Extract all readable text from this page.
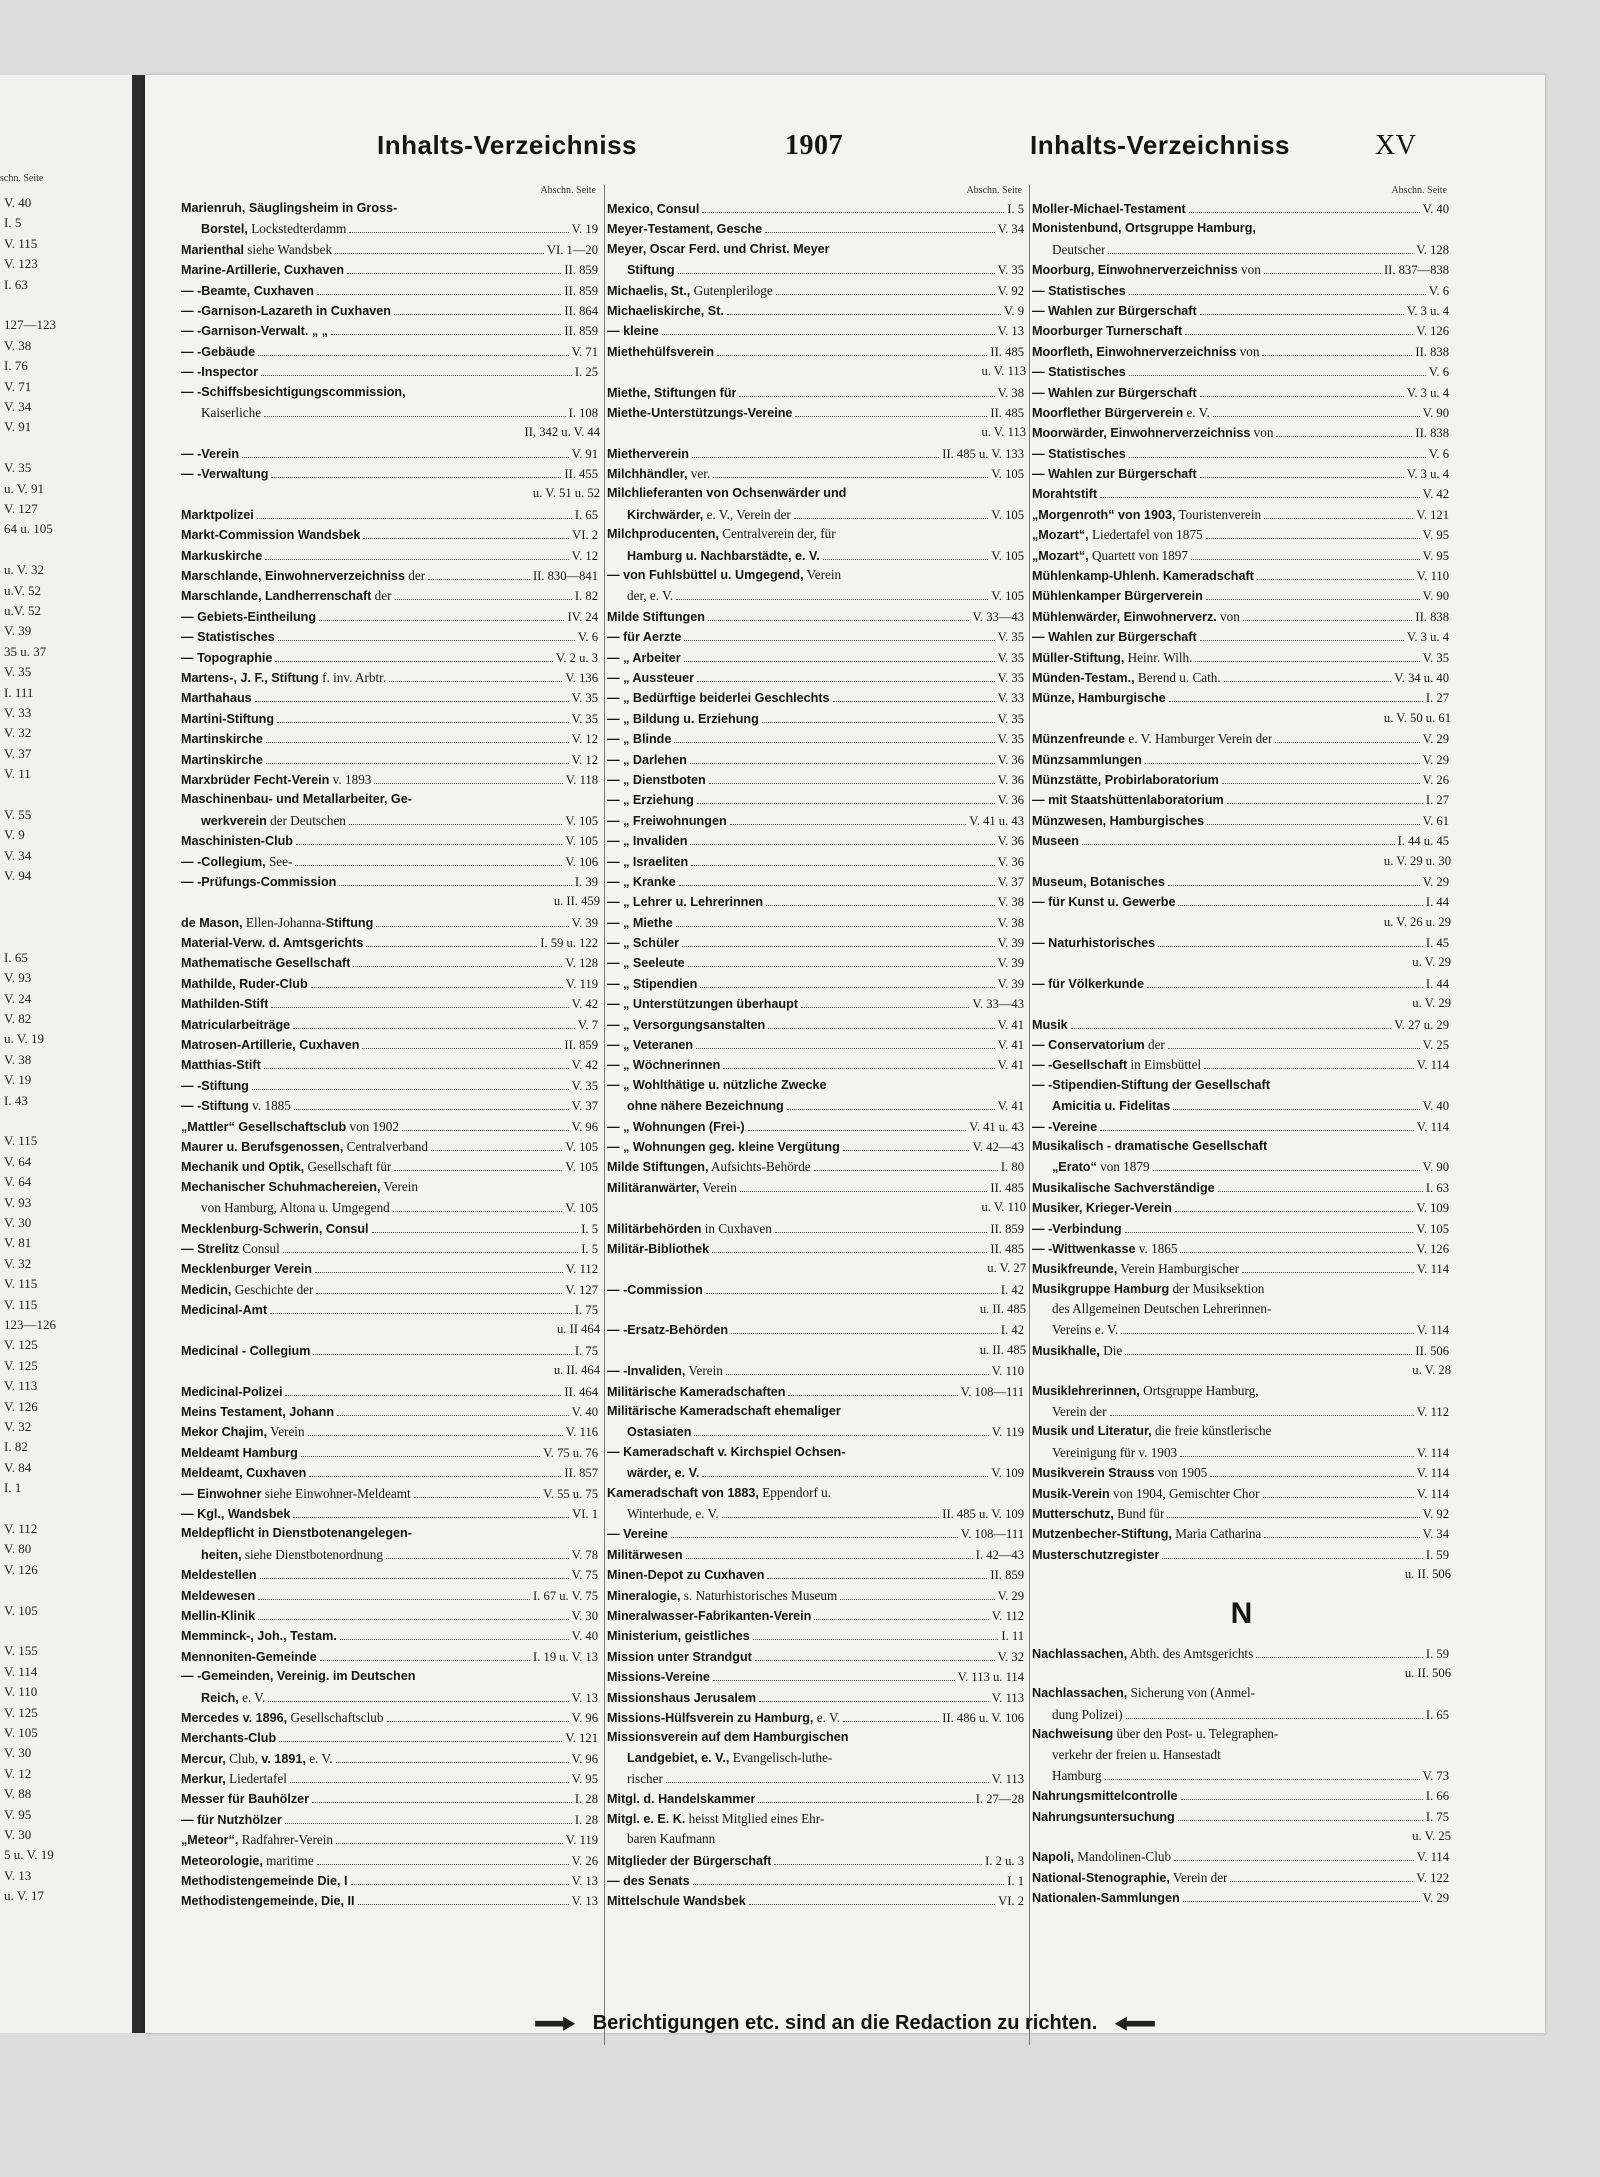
schn. Seite
V. 40
I. 5
V. 115
V. 123
I. 63
127—123
V. 38
I. 76
V. 71
V. 34
V. 91
V. 35
u. V. 91
V. 127
64 u. 105
u. V. 32
u.V. 52
u.V. 52
V. 39
35 u. 37
V. 35
I. 111
V. 33
V. 32
V. 37
V. 11
V. 55
V. 9
V. 34
V. 94
I. 65
V. 93
V. 24
V. 82
u. V. 19
V. 38
V. 19
I. 43
V. 115
V. 64
V. 64
V. 93
V. 30
V. 81
V. 32
V. 115
V. 115
123—126
V. 125
V. 125
V. 113
V. 126
V. 32
I. 82
V. 84
I. 1
V. 112
V. 80
V. 126
V. 105
V. 155
V. 114
V. 110
V. 125
V. 105
V. 30
V. 12
V. 88
V. 95
V. 30
5 u. V. 19
V. 13
u. V. 17
Inhalts-Verzeichniss	1907	Inhalts-Verzeichniss	XV
Abschn. Seite
Marienruh, Säuglingsheim in Gross-
Borstel, Lockstedterdamm	V. 19
Marienthal siehe Wandsbek	VI. 1—20
Marine-Artillerie, Cuxhaven	II. 859
— -Beamte, Cuxhaven	II. 859
— -Garnison-Lazareth in Cuxhaven	II. 864
— -Garnison-Verwalt. „ „	II. 859
— -Gebäude	V. 71
— -Inspector	I. 25
— -Schiffsbesichtigungscommission,
Kaiserliche	I. 108
II, 342 u. V. 44
— -Verein	V. 91
— -Verwaltung	II. 455
u. V. 51 u. 52
Marktpolizei	I. 65
Markt-Commission Wandsbek	VI. 2
Markuskirche	V. 12
Marschlande, Einwohnerverzeichniss der	II. 830—841
Marschlande, Landherrenschaft der	I. 82
— Gebiets-Eintheilung	IV. 24
— Statistisches	V. 6
— Topographie	V. 2 u. 3
Martens-, J. F., Stiftung f. inv. Arbtr.	V. 136
Marthahaus	V. 35
Martini-Stiftung	V. 35
Martinskirche	V. 12
Martinskirche	V. 12
Marxbrüder Fecht-Verein v. 1893	V. 118
Maschinenbau- und Metallarbeiter, Ge-
werkverein der Deutschen	V. 105
Maschinisten-Club	V. 105
— -Collegium, See-	V. 106
— -Prüfungs-Commission	I. 39
u. II. 459
de Mason, Ellen-Johanna-Stiftung	V. 39
Material-Verw. d. Amtsgerichts	I. 59 u. 122
Mathematische Gesellschaft	V. 128
Mathilde, Ruder-Club	V. 119
Mathilden-Stift	V. 42
Matricularbeiträge	V. 7
Matrosen-Artillerie, Cuxhaven	II. 859
Matthias-Stift	V. 42
— -Stiftung	V. 35
— -Stiftung v. 1885	V. 37
„Mattler“ Gesellschaftsclub von 1902	V. 96
Maurer u. Berufsgenossen, Centralverband	V. 105
Mechanik und Optik, Gesellschaft für	V. 105
Mechanischer Schuhmachereien, Verein
von Hamburg, Altona u. Umgegend	V. 105
Mecklenburg-Schwerin, Consul	I. 5
— Strelitz Consul	I. 5
Mecklenburger Verein	V. 112
Medicin, Geschichte der	V. 127
Medicinal-Amt	I. 75
u. II 464
Medicinal - Collegium	I. 75
u. II. 464
Medicinal-Polizei	II. 464
Meins Testament, Johann	V. 40
Mekor Chajim, Verein	V. 116
Meldeamt Hamburg	V. 75 u. 76
Meldeamt, Cuxhaven	II. 857
— Einwohner siehe Einwohner-Meldeamt	V. 55 u. 75
— Kgl., Wandsbek	VI. 1
Meldepflicht in Dienstbotenangelegen-
heiten, siehe Dienstbotenordnung	V. 78
Meldestellen	V. 75
Meldewesen	I. 67 u. V. 75
Mellin-Klinik	V. 30
Memminck-, Joh., Testam.	V. 40
Mennoniten-Gemeinde	I. 19 u. V. 13
— -Gemeinden, Vereinig. im Deutschen
Reich, e. V.	V. 13
Mercedes v. 1896, Gesellschaftsclub	V. 96
Merchants-Club	V. 121
Mercur, Club, v. 1891, e. V.	V. 96
Merkur, Liedertafel	V. 95
Messer für Bauhölzer	I. 28
— für Nutzhölzer	I. 28
„Meteor“, Radfahrer-Verein	V. 119
Meteorologie, maritime	V. 26
Methodistengemeinde Die, I	V. 13
Methodistengemeinde, Die, II	V. 13
Abschn. Seite
Mexico, Consul	I. 5
Meyer-Testament, Gesche	V. 34
Meyer, Oscar Ferd. und Christ. Meyer
Stiftung	V. 35
Michaelis, St., Gutenpleriloge	V. 92
Michaeliskirche, St.	V. 9
— kleine	V. 13
Miethehülfsverein	II. 485
u. V. 113
Miethe, Stiftungen für	V. 38
Miethe-Unterstützungs-Vereine	II. 485
u. V. 113
Mietherverein	II. 485 u. V. 133
Milchhändler, ver.	V. 105
Milchlieferanten von Ochsenwärder und
Kirchwärder, e. V., Verein der	V. 105
Milchproducenten, Centralverein der, für
Hamburg u. Nachbarstädte, e. V.	V. 105
— von Fuhlsbüttel u. Umgegend, Verein
der, e. V.	V. 105
Milde Stiftungen	V. 33—43
— für Aerzte	V. 35
— „ Arbeiter	V. 35
— „ Aussteuer	V. 35
— „ Bedürftige beiderlei Geschlechts	V. 33
— „ Bildung u. Erziehung	V. 35
— „ Blinde	V. 35
— „ Darlehen	V. 36
— „ Dienstboten	V. 36
— „ Erziehung	V. 36
— „ Freiwohnungen	V. 41 u. 43
— „ Invaliden	V. 36
— „ Israeliten	V. 36
— „ Kranke	V. 37
— „ Lehrer u. Lehrerinnen	V. 38
— „ Miethe	V. 38
— „ Schüler	V. 39
— „ Seeleute	V. 39
— „ Stipendien	V. 39
— „ Unterstützungen überhaupt	V. 33—43
— „ Versorgungsanstalten	V. 41
— „ Veteranen	V. 41
— „ Wöchnerinnen	V. 41
— „ Wohlthätige u. nützliche Zwecke
ohne nähere Bezeichnung	V. 41
— „ Wohnungen (Frei-)	V. 41 u. 43
— „ Wohnungen geg. kleine Vergütung	V. 42—43
Milde Stiftungen, Aufsichts-Behörde	I. 80
Militäranwärter, Verein	II. 485
u. V. 110
Militärbehörden in Cuxhaven	II. 859
Militär-Bibliothek	II. 485
u. V. 27
— -Commission	I. 42
u. II. 485
— -Ersatz-Behörden	I. 42
u. II. 485
— -Invaliden, Verein	V. 110
Militärische Kameradschaften	V. 108—111
Militärische Kameradschaft ehemaliger
Ostasiaten	V. 119
— Kameradschaft v. Kirchspiel Ochsen-
wärder, e. V.	V. 109
Kameradschaft von 1883, Eppendorf u.
Winterhude, e. V.	II. 485 u. V. 109
— Vereine	V. 108—111
Militärwesen	I. 42—43
Minen-Depot zu Cuxhaven	II. 859
Mineralogie, s. Naturhistorisches Museum	V. 29
Mineralwasser-Fabrikanten-Verein	V. 112
Ministerium, geistliches	I. 11
Mission unter Strandgut	V. 32
Missions-Vereine	V. 113 u. 114
Missionshaus Jerusalem	V. 113
Missions-Hülfsverein zu Hamburg, e. V.	II. 486 u. V. 106
Missionsverein auf dem Hamburgischen
Landgebiet, e. V., Evangelisch-luthe-
rischer	V. 113
Mitgl. d. Handelskammer	I. 27—28
Mitgl. e. E. K. heisst Mitglied eines Ehr-
baren Kaufmann
Mitglieder der Bürgerschaft	I. 2 u. 3
— des Senats	I. 1
Mittelschule Wandsbek	VI. 2
Abschn. Seite
Moller-Michael-Testament	V. 40
Monistenbund, Ortsgruppe Hamburg,
Deutscher	V. 128
Moorburg, Einwohnerverzeichniss von	II. 837—838
— Statistisches	V. 6
— Wahlen zur Bürgerschaft	V. 3 u. 4
Moorburger Turnerschaft	V. 126
Moorfleth, Einwohnerverzeichniss von	II. 838
— Statistisches	V. 6
— Wahlen zur Bürgerschaft	V. 3 u. 4
Moorflether Bürgerverein e. V.	V. 90
Moorwärder, Einwohnerverzeichniss von	II. 838
— Statistisches	V. 6
— Wahlen zur Bürgerschaft	V. 3 u. 4
Morahtstift	V. 42
„Morgenroth“ von 1903, Touristenverein	V. 121
„Mozart“, Liedertafel von 1875	V. 95
„Mozart“, Quartett von 1897	V. 95
Mühlenkamp-Uhlenh. Kameradschaft	V. 110
Mühlenkamper Bürgerverein	V. 90
Mühlenwärder, Einwohnerverz. von	II. 838
— Wahlen zur Bürgerschaft	V. 3 u. 4
Müller-Stiftung, Heinr. Wilh.	V. 35
Münden-Testam., Berend u. Cath.	V. 34 u. 40
Münze, Hamburgische	I. 27
u. V. 50 u. 61
Münzenfreunde e. V. Hamburger Verein der	V. 29
Münzsammlungen	V. 29
Münzstätte, Probirlaboratorium	V. 26
— mit Staatshüttenlaboratorium	I. 27
Münzwesen, Hamburgisches	V. 61
Museen	I. 44 u. 45
u. V. 29 u. 30
Museum, Botanisches	V. 29
— für Kunst u. Gewerbe	I. 44
u. V. 26 u. 29
— Naturhistorisches	I. 45
u. V. 29
— für Völkerkunde	I. 44
u. V. 29
Musik	V. 27 u. 29
— Conservatorium der	V. 25
— -Gesellschaft in Eimsbüttel	V. 114
— -Stipendien-Stiftung der Gesellschaft
Amicitia u. Fidelitas	V. 40
— -Vereine	V. 114
Musikalisch - dramatische Gesellschaft
„Erato“ von 1879	V. 90
Musikalische Sachverständige	I. 63
Musiker, Krieger-Verein	V. 109
— -Verbindung	V. 105
— -Wittwenkasse v. 1865	V. 126
Musikfreunde, Verein Hamburgischer	V. 114
Musikgruppe Hamburg der Musiksektion
des Allgemeinen Deutschen Lehrerinnen-
Vereins e. V.	V. 114
Musikhalle, Die	II. 506
u. V. 28
Musiklehrerinnen, Ortsgruppe Hamburg,
Verein der	V. 112
Musik und Literatur, die freie künstlerische
Vereinigung für v. 1903	V. 114
Musikverein Strauss von 1905	V. 114
Musik-Verein von 1904, Gemischter Chor	V. 114
Mutterschutz, Bund für	V. 92
Mutzenbecher-Stiftung, Maria Catharina	V. 34
Musterschutzregister	I. 59
u. II. 506
N
Nachlassachen, Abth. des Amtsgerichts	I. 59
u. II. 506
Nachlassachen, Sicherung von (Anmel-
dung Polizei)	I. 65
Nachweisung über den Post- u. Telegraphen-
verkehr der freien u. Hansestadt
Hamburg	V. 73
Nahrungsmittelcontrolle	I. 66
Nahrungsuntersuchung	I. 75
u. V. 25
Napoli, Mandolinen-Club	V. 114
National-Stenographie, Verein der	V. 122
Nationalen-Sammlungen	V. 29
Berichtigungen etc. sind an die Redaction zu richten.
